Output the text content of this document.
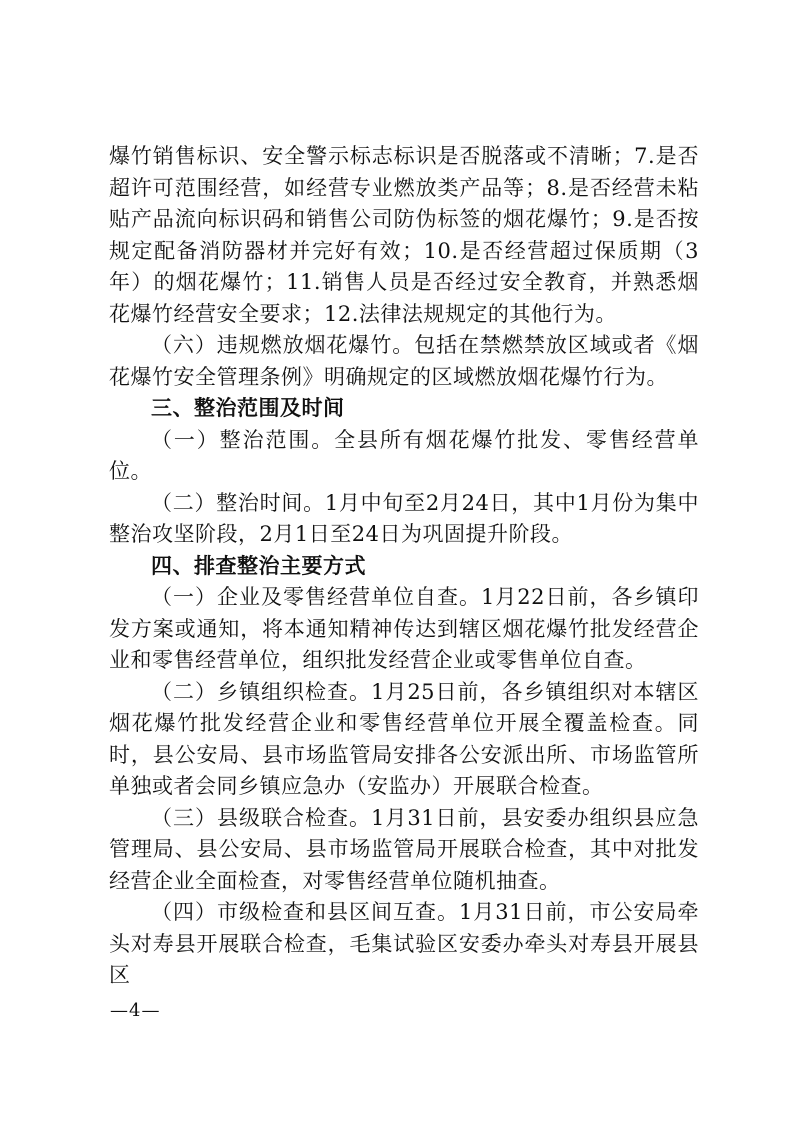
爆竹销售标识、安全警示标志标识是否脱落或不清晰；7.是否超许可范围经营，如经营专业燃放类产品等；8.是否经营未粘贴产品流向标识码和销售公司防伪标签的烟花爆竹；9.是否按规定配备消防器材并完好有效；10.是否经营超过保质期（3年）的烟花爆竹；11.销售人员是否经过安全教育，并熟悉烟花爆竹经营安全要求；12.法律法规规定的其他行为。

（六）违规燃放烟花爆竹。包括在禁燃禁放区域或者《烟花爆竹安全管理条例》明确规定的区域燃放烟花爆竹行为。

三、整治范围及时间

（一）整治范围。全县所有烟花爆竹批发、零售经营单位。

（二）整治时间。1月中旬至2月24日，其中1月份为集中整治攻坚阶段，2月1日至24日为巩固提升阶段。

四、排查整治主要方式

（一）企业及零售经营单位自查。1月22日前，各乡镇印发方案或通知，将本通知精神传达到辖区烟花爆竹批发经营企业和零售经营单位，组织批发经营企业或零售单位自查。

（二）乡镇组织检查。1月25日前，各乡镇组织对本辖区烟花爆竹批发经营企业和零售经营单位开展全覆盖检查。同时，县公安局、县市场监管局安排各公安派出所、市场监管所单独或者会同乡镇应急办（安监办）开展联合检查。

（三）县级联合检查。1月31日前，县安委办组织县应急管理局、县公安局、县市场监管局开展联合检查，其中对批发经营企业全面检查，对零售经营单位随机抽查。

（四）市级检查和县区间互查。1月31日前，市公安局牵头对寿县开展联合检查，毛集试验区安委办牵头对寿县开展县区

—4—
